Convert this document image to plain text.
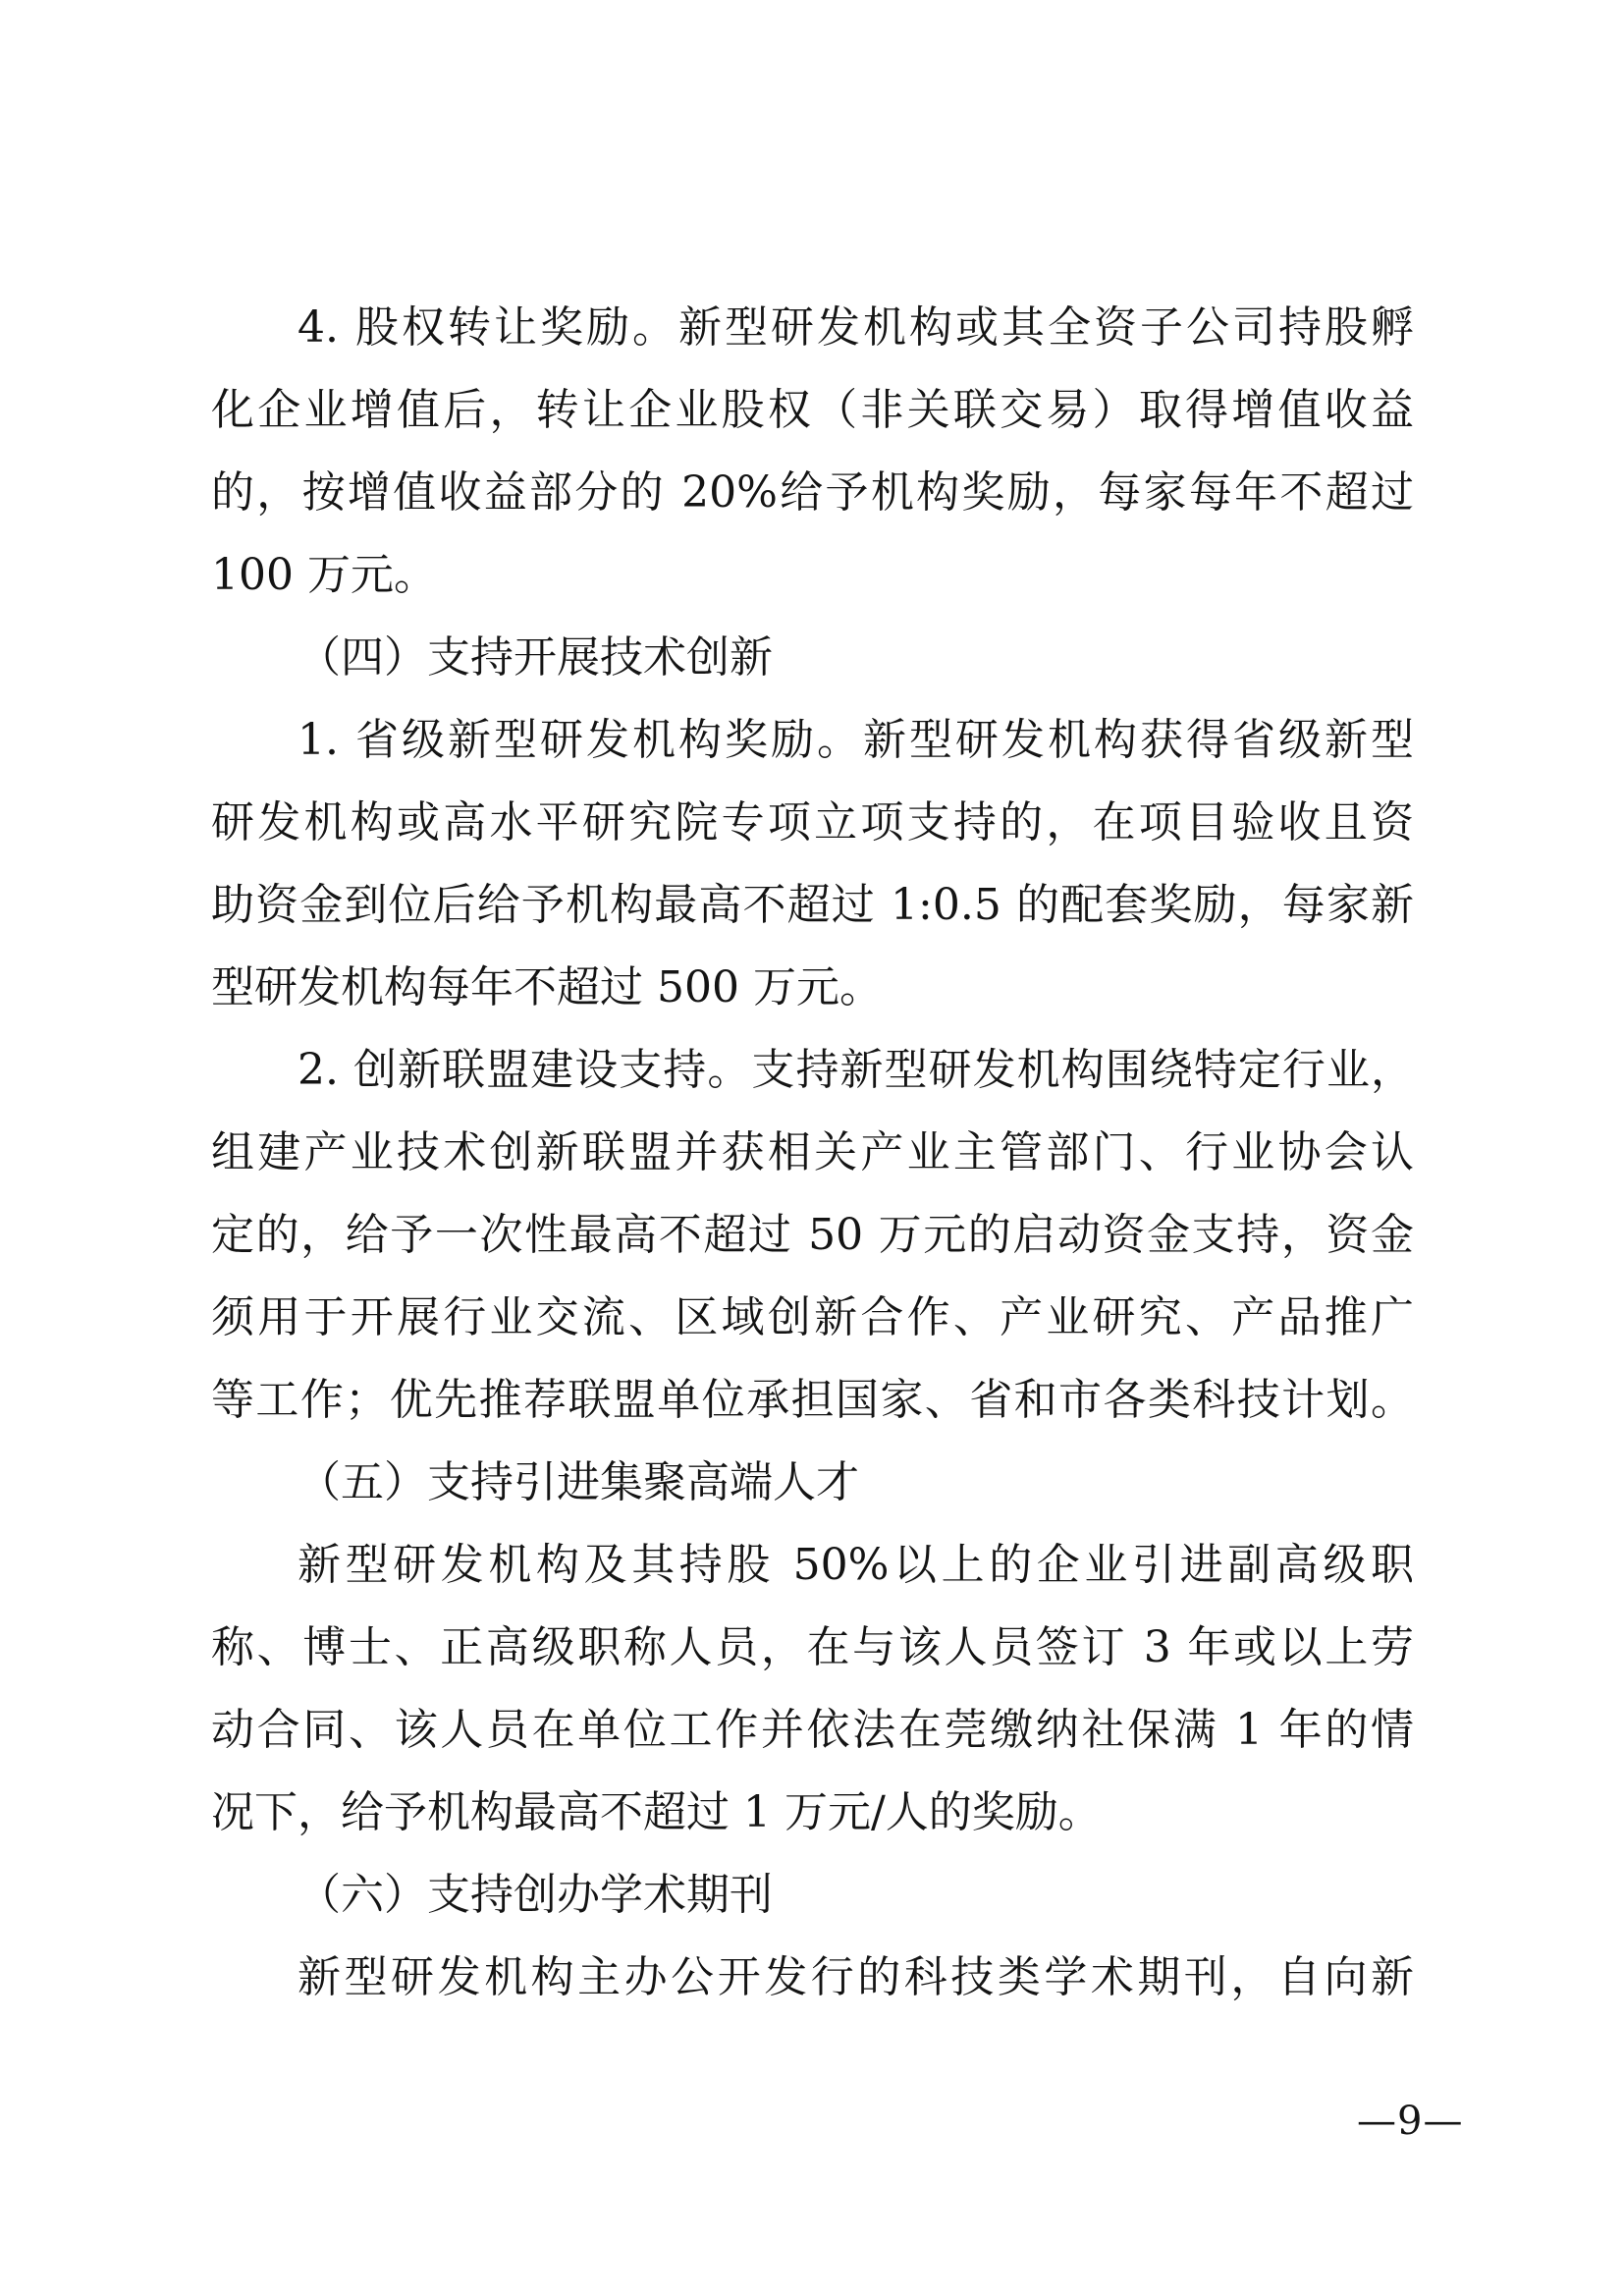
4. 股权转让奖励。新型研发机构或其全资子公司持股孵
化企业增值后，转让企业股权（非关联交易）取得增值收益
的，按增值收益部分的 20%给予机构奖励，每家每年不超过
100 万元。
（四）支持开展技术创新
1. 省级新型研发机构奖励。新型研发机构获得省级新型
研发机构或高水平研究院专项立项支持的，在项目验收且资
助资金到位后给予机构最高不超过 1:0.5 的配套奖励，每家新
型研发机构每年不超过 500 万元。
2. 创新联盟建设支持。支持新型研发机构围绕特定行业，
组建产业技术创新联盟并获相关产业主管部门、行业协会认
定的，给予一次性最高不超过 50 万元的启动资金支持，资金
须用于开展行业交流、区域创新合作、产业研究、产品推广
等工作；优先推荐联盟单位承担国家、省和市各类科技计划。
（五）支持引进集聚高端人才
新型研发机构及其持股 50%以上的企业引进副高级职
称、博士、正高级职称人员，在与该人员签订 3 年或以上劳
动合同、该人员在单位工作并依法在莞缴纳社保满 1 年的情
况下，给予机构最高不超过 1 万元/人的奖励。
（六）支持创办学术期刊
新型研发机构主办公开发行的科技类学术期刊，自向新
—9—
